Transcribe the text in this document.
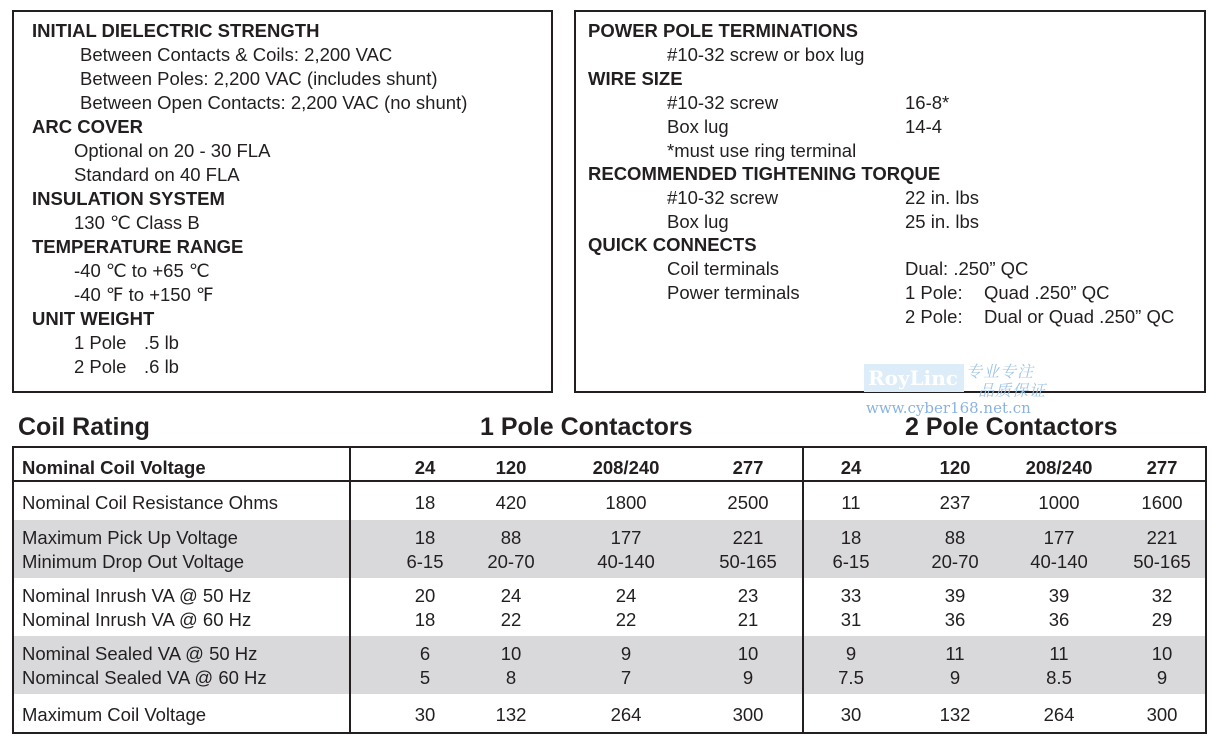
INITIAL DIELECTRIC STRENGTH
Between Contacts & Coils: 2,200 VAC
Between Poles: 2,200 VAC (includes shunt)
Between Open Contacts: 2,200 VAC (no shunt)
ARC COVER
Optional on 20 - 30 FLA
Standard on 40 FLA
INSULATION SYSTEM
130 ℃ Class B
TEMPERATURE RANGE
-40 ℃ to +65 ℃
-40 ℉ to +150 ℉
UNIT WEIGHT
1 Pole .5 lb
2 Pole .6 lb
POWER POLE TERMINATIONS
#10-32 screw or box lug
WIRE SIZE
#10-32 screw	16-8*
Box lug	14-4
*must use ring terminal
RECOMMENDED TIGHTENING TORQUE
#10-32 screw	22 in. lbs
Box lug	25 in. lbs
QUICK CONNECTS
Coil terminals	Dual: .250” QC
Power terminals	1 Pole: Quad .250” QC
2 Pole: Dual or Quad .250” QC
RoyLinc 专业专注
品质保证
www.cyber168.net.cn
Coil Rating	1 Pole Contactors	2 Pole Contactors
Nominal Coil Voltage	24	120	208/240	277	24	120	208/240	277
Nominal Coil Resistance Ohms	18	420	1800	2500	11	237	1000	1600
Maximum Pick Up Voltage	18	88	177	221	18	88	177	221
Minimum Drop Out Voltage	6-15	20-70	40-140	50-165	6-15	20-70	40-140	50-165
Nominal Inrush VA @ 50 Hz	20	24	24	23	33	39	39	32
Nominal Inrush VA @ 60 Hz	18	22	22	21	31	36	36	29
Nominal Sealed VA @ 50 Hz	6	10	9	10	9	11	11	10
Nomincal Sealed VA @ 60 Hz	5	8	7	9	7.5	9	8.5	9
Maximum Coil Voltage	30	132	264	300	30	132	264	300
